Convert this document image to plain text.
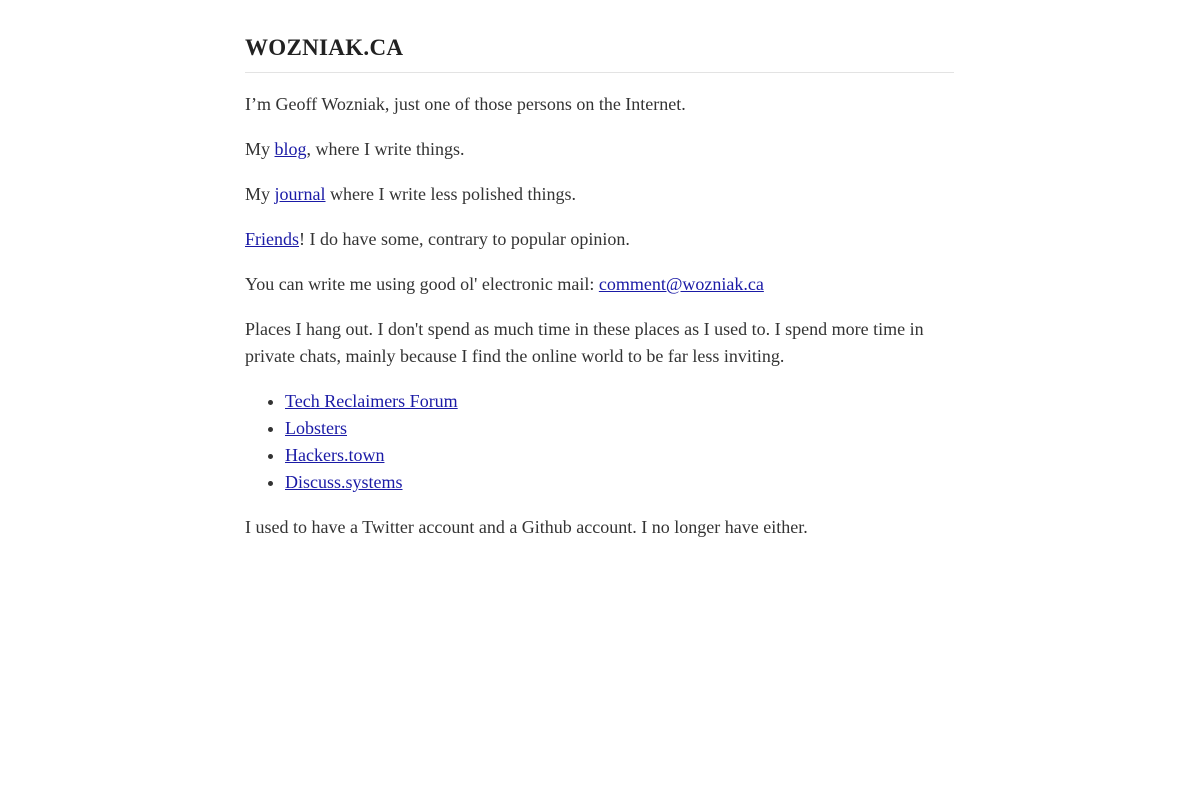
WOZNIAK.CA

I’m Geoff Wozniak, just one of those persons on the Internet.

My blog, where I write things.

My journal where I write less polished things.

Friends! I do have some, contrary to popular opinion.

You can write me using good ol' electronic mail: comment@wozniak.ca

Places I hang out. I don't spend as much time in these places as I used to. I spend more time in private chats, mainly because I find the online world to be far less inviting.

• Tech Reclaimers Forum
• Lobsters
• Hackers.town
• Discuss.systems

I used to have a Twitter account and a Github account. I no longer have either.
